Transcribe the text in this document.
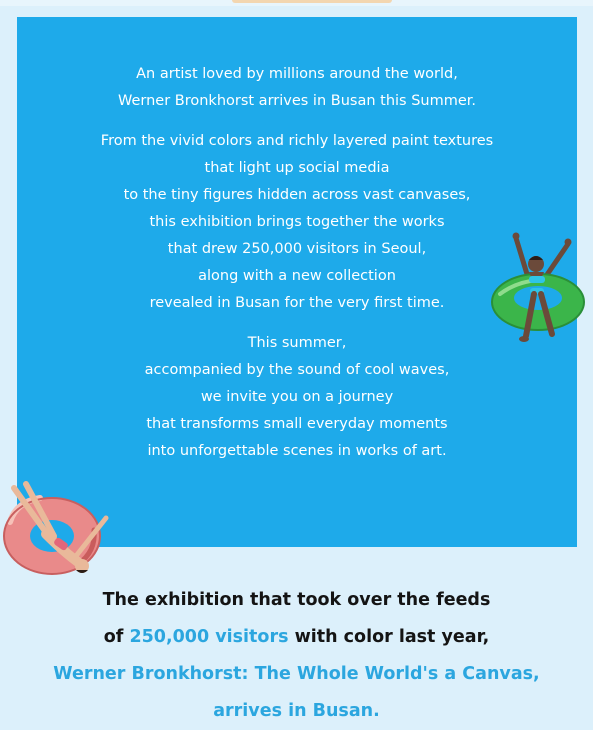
An artist loved by millions around the world,
Werner Bronkhorst arrives in Busan this Summer.

From the vivid colors and richly layered paint textures
that light up social media
to the tiny figures hidden across vast canvases,
this exhibition brings together the works
that drew 250,000 visitors in Seoul,
along with a new collection
revealed in Busan for the very first time.

This summer,
accompanied by the sound of cool waves,
we invite you on a journey
that transforms small everyday moments
into unforgettable scenes in works of art.

The exhibition that took over the feeds
of 250,000 visitors with color last year,
Werner Bronkhorst: The Whole World's a Canvas,
arrives in Busan.
